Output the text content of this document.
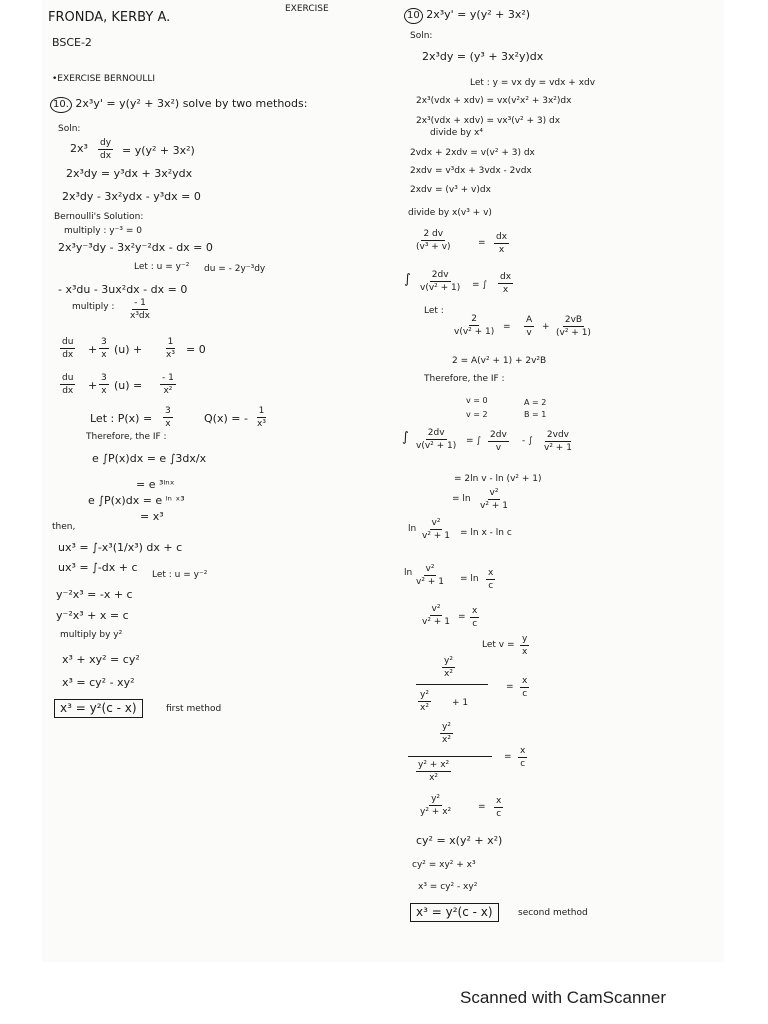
FRONDA, KERBY A.
BSCE-2
EXERCISE
•EXERCISE BERNOULLI
10. 2x³y' = y(y² + 3x²) solve by two methods:
Soln:
$2x^3 \frac{dy}{dx} = y(y^2 + 3x^2)$
2x³dy = y³dx + 3x²ydx
2x³dy - 3x²ydx - y³dx = 0
Bernoulli's Solution:
multiply : y⁻³ = 0
2x³y⁻³dy - 3x²y⁻²dx - dx = 0
Let : u = y⁻² du = - 2y⁻³dy
- x³du - 3ux²dx - dx = 0
multiply : $\frac{- 1}{\text{x³dx}}$
$\frac{du}{dx} + \frac{3}{x} (u) + \frac{1}{\text{x³}} = 0$
$\frac{du}{dx} + \frac{3}{x} (u) = \frac{- 1}{\text{x²}}$
Let : $P(x) = \frac{3}{x}$	Q(x) = - $\frac{1}{\text{x³}}$
Therefore, the IF :
e ∫P(x)dx = e ∫3dx/x
= e ³ˡⁿˣ
e ∫P(x)dx = e ˡⁿ ˣ³
= x³
then,
ux³ = ∫-x³(1/x³) dx + c
ux³ = ∫-dx + c
Let : u = y⁻²
y⁻²x³ = -x + c
y⁻²x³ + x = c
multiply by y²
x³ + xy² = cy²
x³ = cy² - xy²
x³ = y²(c - x)	first method
10 2x³y' = y(y² + 3x²)
Soln:
2x³dy = (y³ + 3x²y)dx
Let : y = vx dy = vdx + xdv
2x³(vdx + xdv) = vx(v²x² + 3x²)dx
2x³(vdx + xdv) = vx³(v² + 3) dx
divide by x⁴
2vdx + 2xdv = v(v² + 3) dx
2xdv = v³dx + 3vdx - 2vdx
2xdv = (v³ + v)dx
divide by x(v³ + v)
$\frac{2 dv}{\text{(v³ + v)}}$	= $\frac{dx}{x}$
∫ $\frac{2dv}{\text{v(v² + 1)}}$ = ∫ $\frac{dx}{x}$
Let :
$\frac{2}{\text{v(v² + 1)}} = \frac{A}{v} + \frac{2vB}{\text{(v² + 1)}}$
2 = A(v² + 1) + 2v²B
Therefore, the IF :
v = 0	A = 2
v = 2	B = 1
∫ $\frac{2dv}{\text{v(v² + 1)}}$ = ∫ $\frac{2dv}{v}$ - ∫
2vdv
v² + 1
= 2ln v - ln (v² + 1)
= $\ln \frac{\text{v²}}{\text{v² + 1}}$
$\ln \frac{\text{v²}}{\text{v² + 1}} = \ln x - \ln c$
$\ln \frac{\text{v²}}{\text{v² + 1}} = \ln \frac{x}{c}$
$\frac{\text{v²}}{\text{v² + 1}} = \frac{x}{c}$
Let $v = \frac{y}{x}$
$\frac{\text{y²}}{\text{x²}}$
$\frac{\text{y²}}{\text{x²}} + 1$
= $\frac{x}{c}$
$\frac{\text{y²}}{\text{x²}}$
$\frac{\text{y² + x²}}{\text{x²}}$
= $\frac{x}{c}$
$\frac{\text{y²}}{\text{y² + x²}}$	= $\frac{x}{c}$
cy² = x(y² + x²)
cy² = xy² + x³
x³ = cy² - xy²
x³ = y²(c - x)	second method
Scanned with CamScanner
